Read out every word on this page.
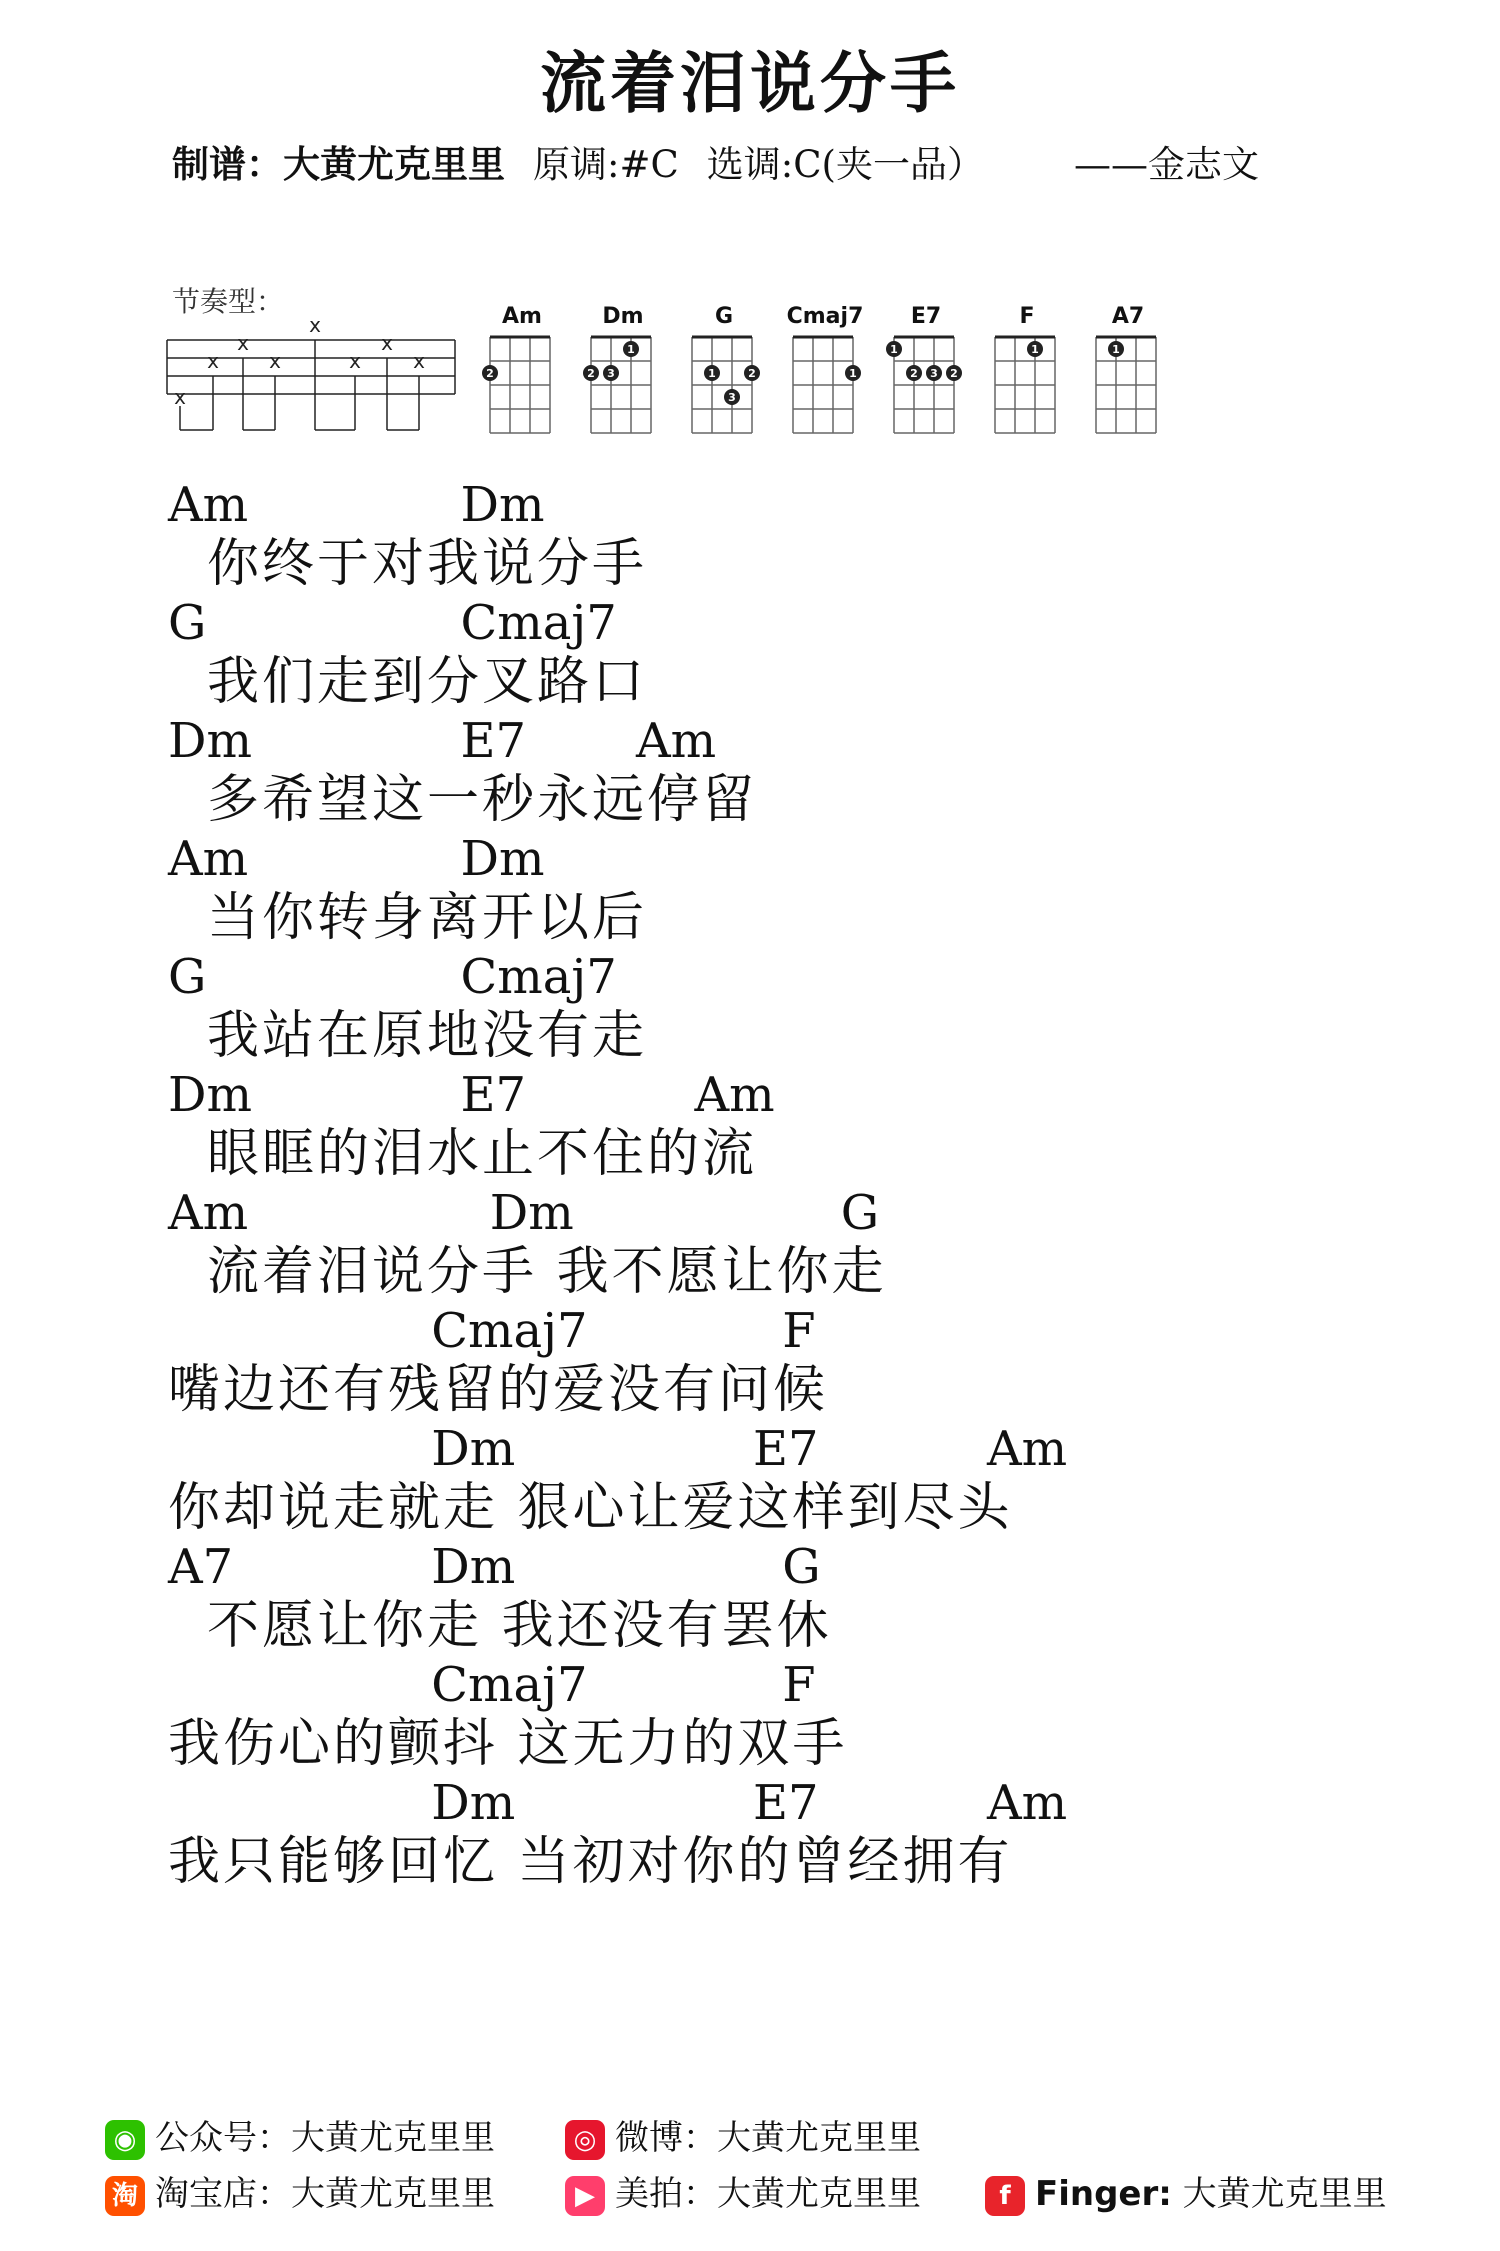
流着泪说分手
制谱：大黄尤克里里 原调:#C 选调:C(夹一品） ——金志文
节奏型：
x
x
x
x
x
x
x
x
Am
2
Dm
2 3
1
G
1	2
3
Cmaj7
1
E7
1
2 3 2
F
1
A7
1
Am	Dm
你终于对我说分手
G	Cmaj7
我们走到分叉路口
Dm	E7 Am
多希望这一秒永远停留
Am	Dm
当你转身离开以后
G	Cmaj7
我站在原地没有走
Dm	E7	Am
眼眶的泪水止不住的流
Am	Dm	G
流着泪说分手 我不愿让你走
Cmaj7	F
嘴边还有残留的爱没有问候
Dm	E7	Am
你却说走就走 狠心让爱这样到尽头
A7	Dm	G
不愿让你走 我还没有罢休
Cmaj7	F
我伤心的颤抖 这无力的双手
Dm	E7	Am
我只能够回忆 当初对你的曾经拥有
◉ 公众号：大黄尤克里里	◎ 微博：大黄尤克里里
淘 淘宝店：大黄尤克里里	▶ 美拍：大黄尤克里里	f Finger: 大黄尤克里里
